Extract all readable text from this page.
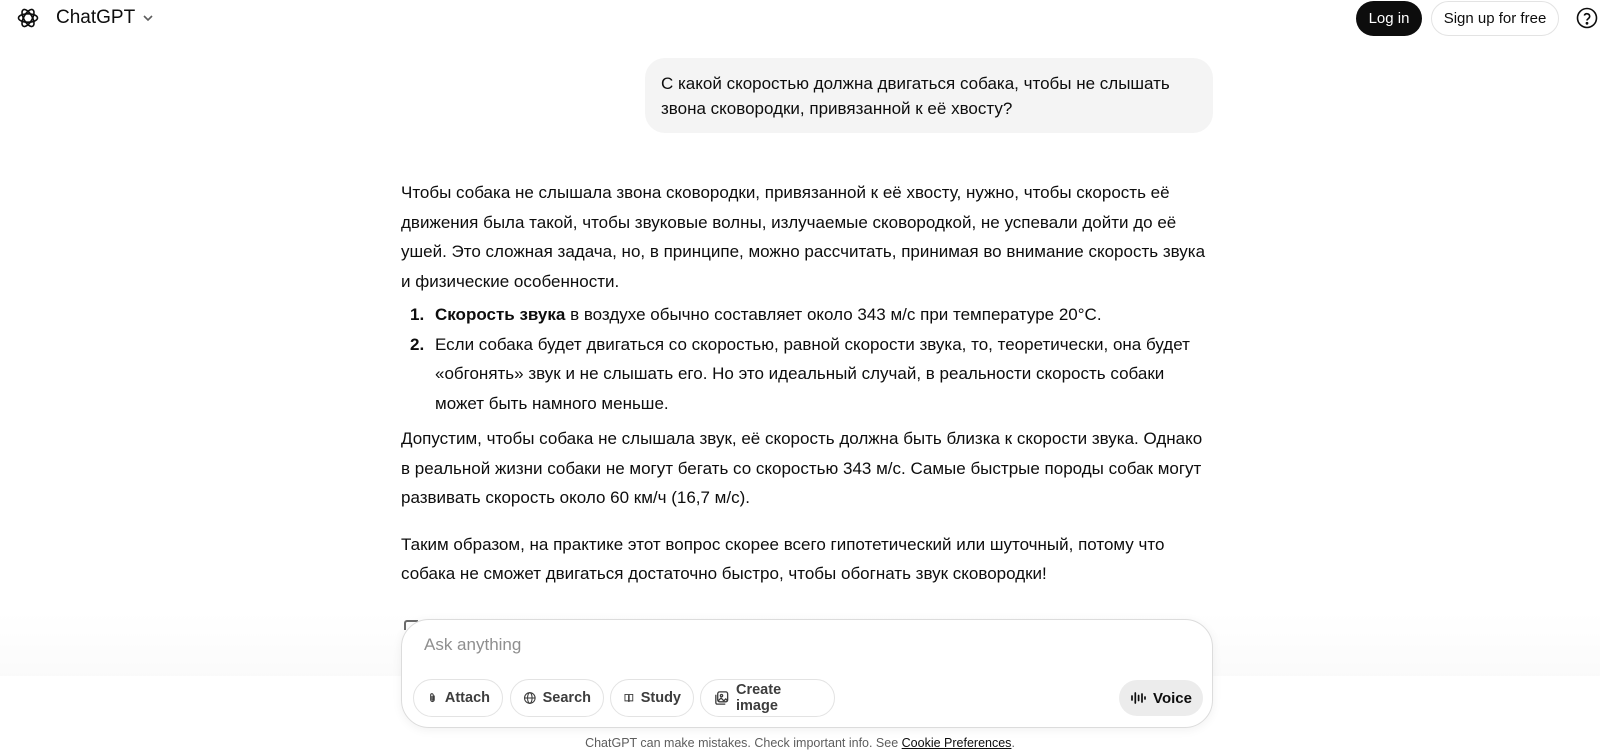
ChatGPT	Log in	Sign up for free
С какой скоростью должна двигаться собака, чтобы не слышать звона сковородки, привязанной к её хвосту?

Чтобы собака не слышала звона сковородки, привязанной к её хвосту, нужно, чтобы скорость её движения была такой, чтобы звуковые волны, излучаемые сковородкой, не успевали дойти до её ушей. Это сложная задача, но, в принципе, можно рассчитать, принимая во внимание скорость звука и физические особенности.

1. Скорость звука в воздухе обычно составляет около 343 м/с при температуре 20°C.
2. Если собака будет двигаться со скоростью, равной скорости звука, то, теоретически, она будет «обгонять» звук и не слышать его. Но это идеальный случай, в реальности скорость собаки может быть намного меньше.

Допустим, чтобы собака не слышала звук, её скорость должна быть близка к скорости звука. Однако в реальной жизни собаки не могут бегать со скоростью 343 м/с. Самые быстрые породы собак могут развивать скорость около 60 км/ч (16,7 м/с).

Таким образом, на практике этот вопрос скорее всего гипотетический или шуточный, потому что собака не сможет двигаться достаточно быстро, чтобы обогнать звук сковородки!

Ask anything
Attach	Search	Study	Create image	Voice
ChatGPT can make mistakes. Check important info. See Cookie Preferences.
